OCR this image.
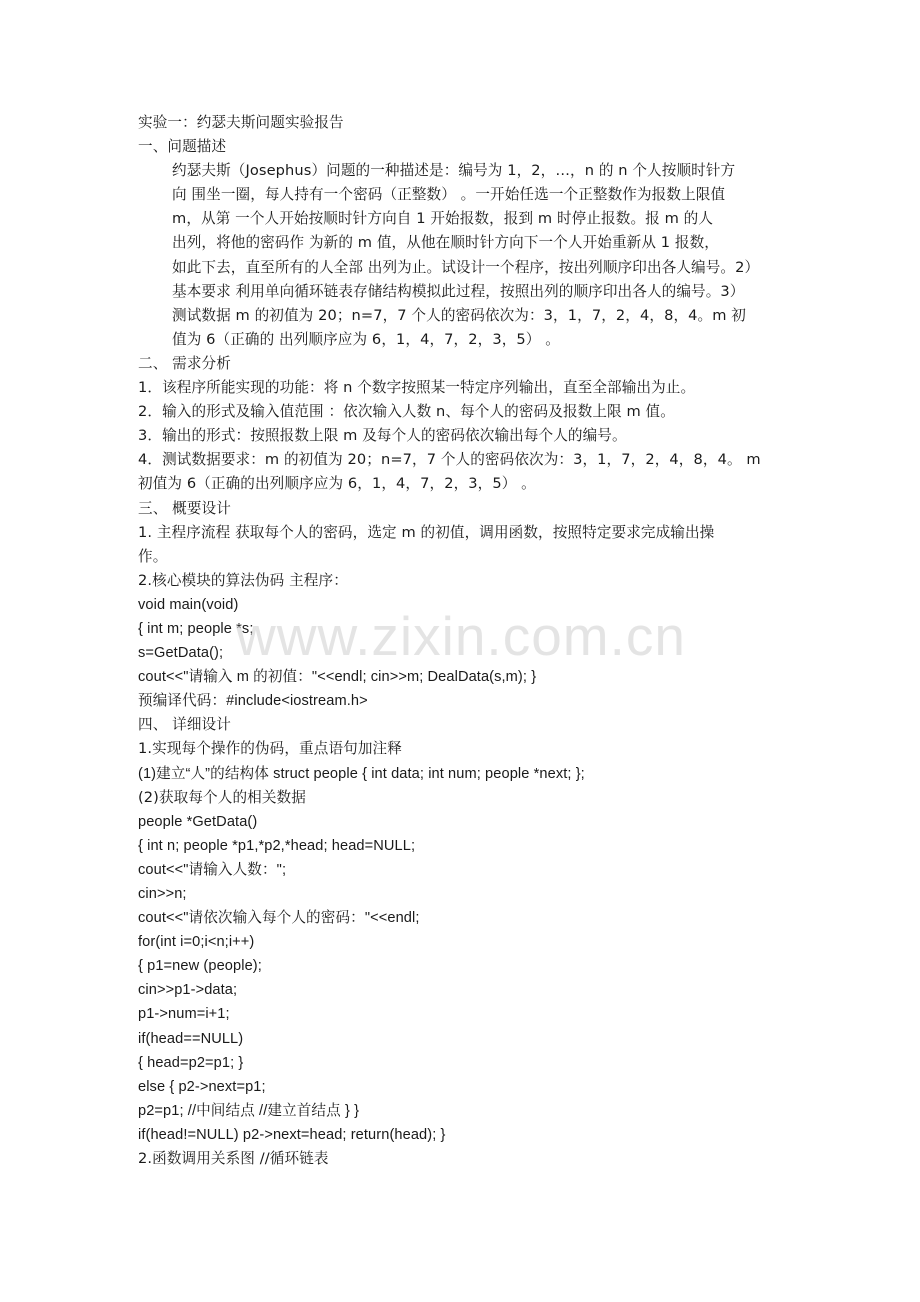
实验一：约瑟夫斯问题实验报告
一、问题描述
约瑟夫斯（Josephus）问题的一种描述是：编号为 1，2，…，n 的 n 个人按顺时针方
向 围坐一圈，每人持有一个密码（正整数） 。一开始任选一个正整数作为报数上限值
m，从第 一个人开始按顺时针方向自 1 开始报数，报到 m 时停止报数。报 m 的人
出列，将他的密码作 为新的 m 值，从他在顺时针方向下一个人开始重新从 1 报数，
如此下去，直至所有的人全部 出列为止。试设计一个程序，按出列顺序印出各人编号。2）
基本要求 利用单向循环链表存储结构模拟此过程，按照出列的顺序印出各人的编号。3）
测试数据 m 的初值为 20；n=7，7 个人的密码依次为：3，1，7，2，4，8，4。m 初
值为 6（正确的 出列顺序应为 6，1，4，7，2，3，5） 。
二、 需求分析
1．该程序所能实现的功能：将 n 个数字按照某一特定序列输出，直至全部输出为止。
2．输入的形式及输入值范围 ：依次输入人数 n、每个人的密码及报数上限 m 值。
3．输出的形式：按照报数上限 m 及每个人的密码依次输出每个人的编号。
4．测试数据要求：m 的初值为 20；n=7，7 个人的密码依次为：3，1，7，2，4，8，4。 m
初值为 6（正确的出列顺序应为 6，1，4，7，2，3，5） 。
三、 概要设计
1. 主程序流程 获取每个人的密码，选定 m 的初值，调用函数，按照特定要求完成输出操
作。
2.核心模块的算法伪码 主程序：
void main(void)
{ int m; people *s;
s=GetData();
cout<<"请输入 m 的初值："<<endl; cin>>m; DealData(s,m); }
预编译代码：#include<iostream.h>
四、 详细设计
1.实现每个操作的伪码，重点语句加注释
(1)建立“人”的结构体 struct people { int data; int num; people *next; };
(2)获取每个人的相关数据
people *GetData()
{ int n; people *p1,*p2,*head; head=NULL;
cout<<"请输入人数：";
cin>>n;
cout<<"请依次输入每个人的密码："<<endl;
for(int i=0;i<n;i++)
{ p1=new (people);
cin>>p1->data;
p1->num=i+1;
if(head==NULL)
{ head=p2=p1; }
else { p2->next=p1;
p2=p1; //中间结点 //建立首结点 } }
if(head!=NULL) p2->next=head; return(head); }
2.函数调用关系图 //循环链表
www.zixin.com.cn
